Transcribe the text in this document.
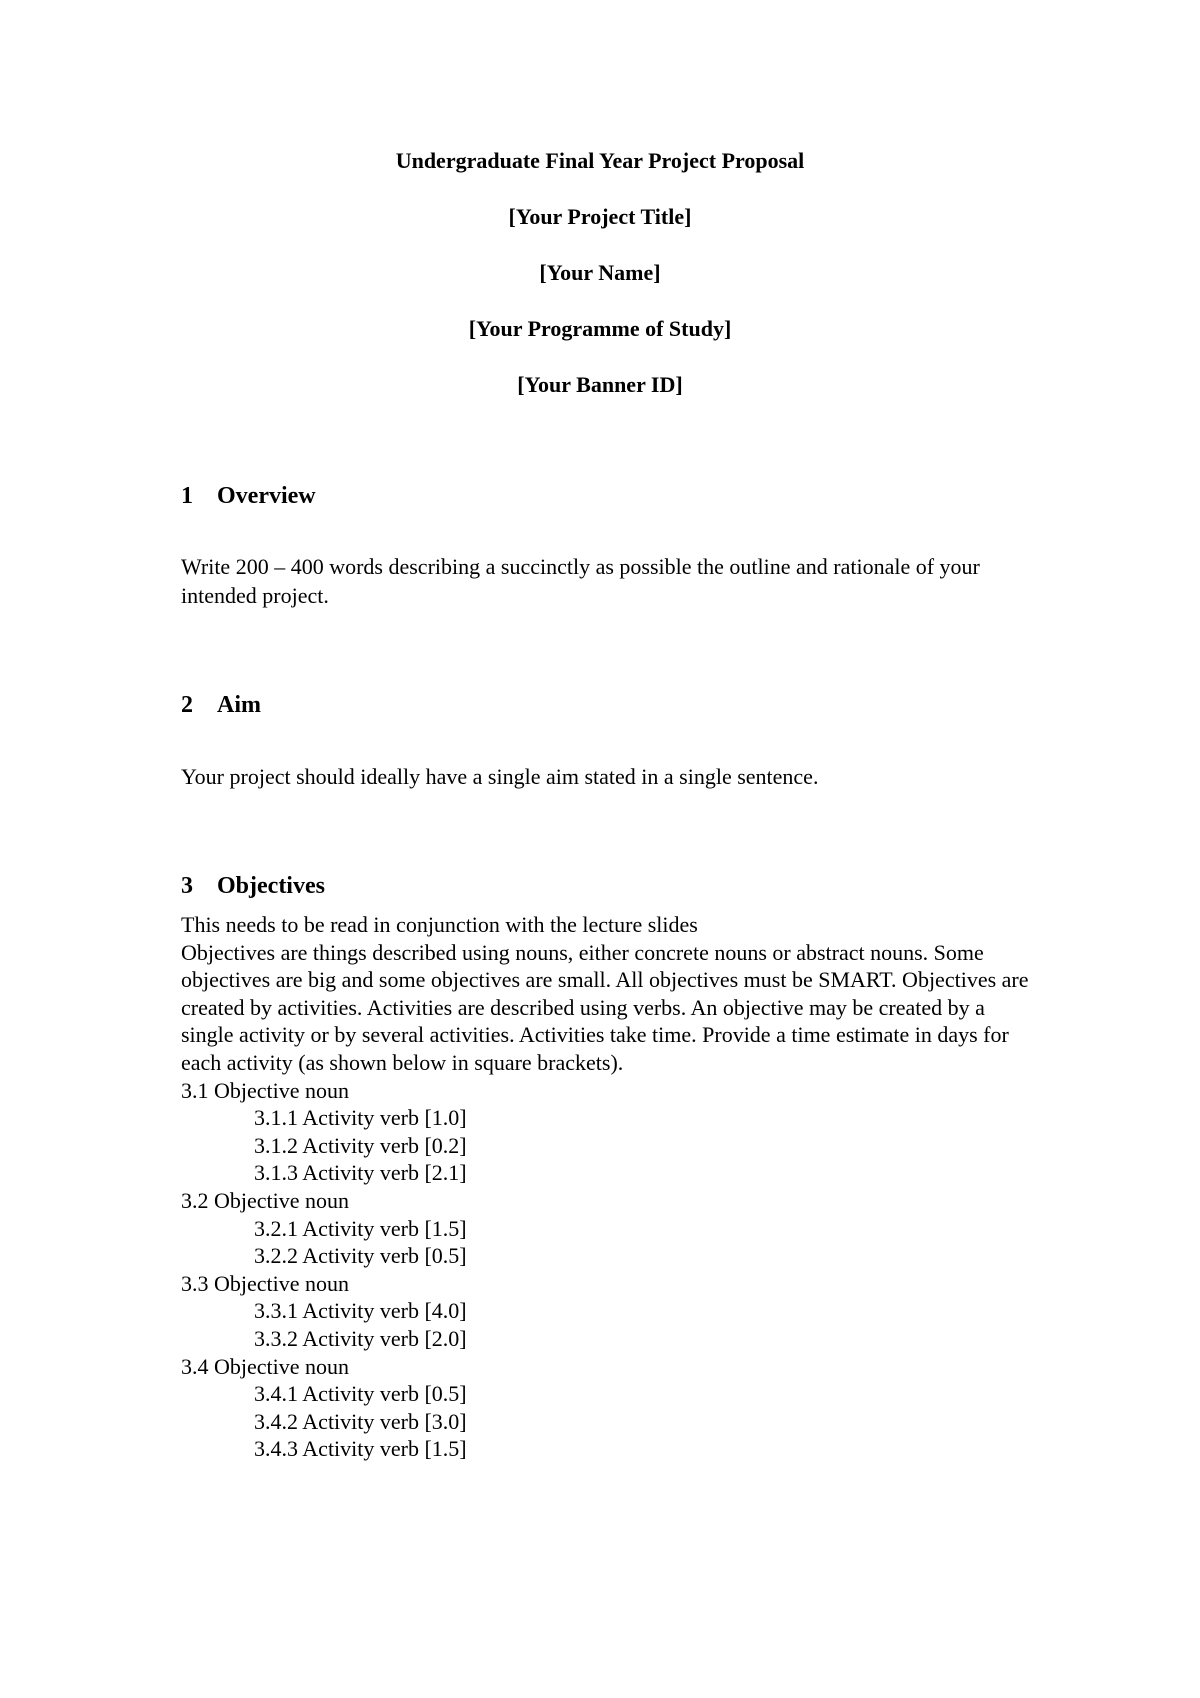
Undergraduate Final Year Project Proposal

[Your Project Title]

[Your Name]

[Your Programme of Study]

[Your Banner ID]

1 Overview

Write 200 – 400 words describing a succinctly as possible the outline and rationale of your intended project.

2 Aim

Your project should ideally have a single aim stated in a single sentence.

3 Objectives

This needs to be read in conjunction with the lecture slides

Objectives are things described using nouns, either concrete nouns or abstract nouns. Some objectives are big and some objectives are small. All objectives must be SMART. Objectives are created by activities. Activities are described using verbs. An objective may be created by a single activity or by several activities. Activities take time. Provide a time estimate in days for each activity (as shown below in square brackets).

3.1 Objective noun
3.1.1 Activity verb [1.0]
3.1.2 Activity verb [0.2]
3.1.3 Activity verb [2.1]
3.2 Objective noun
3.2.1 Activity verb [1.5]
3.2.2 Activity verb [0.5]
3.3 Objective noun
3.3.1 Activity verb [4.0]
3.3.2 Activity verb [2.0]
3.4 Objective noun
3.4.1 Activity verb [0.5]
3.4.2 Activity verb [3.0]
3.4.3 Activity verb [1.5]
